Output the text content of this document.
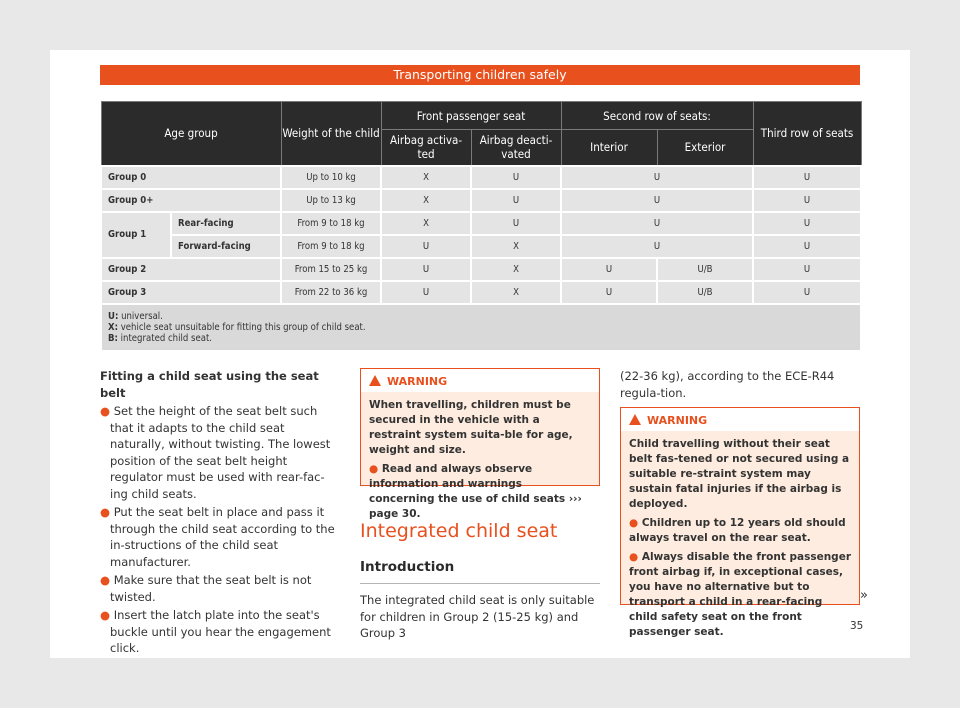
Transporting children safely
Age group		Weight of the child	Front passenger seat		Second row of seats:		Third row of seats
			Airbag activa-ted	Airbag deacti-vated	Interior	Exterior	
Group 0		Up to 10 kg	X	U	U		U
Group 0+		Up to 13 kg	X	U	U		U
Group 1	Rear-facing	From 9 to 18 kg	X	U	U		U
	Forward-facing	From 9 to 18 kg	U	X	U		U
Group 2		From 15 to 25 kg	U	X	U	U/B	U
Group 3		From 22 to 36 kg	U	X	U	U/B	U
U: universal.
X: vehicle seat unsuitable for fitting this group of child seat.
B: integrated child seat.							
Fitting a child seat using the seat belt

● Set the height of the seat belt such that it adapts to the child seat naturally, without twisting. The lowest position of the seat belt height regulator must be used with rear-fac-ing child seats.

● Put the seat belt in place and pass it through the child seat according to the in-structions of the child seat manufacturer.

● Make sure that the seat belt is not twisted.

● Insert the latch plate into the seat's buckle until you hear the engagement click.

WARNING

When travelling, children must be secured in the vehicle with a restraint system suita-ble for age, weight and size.

● Read and always observe information and warnings concerning the use of child seats ››› page 30.

Integrated child seat
Introduction
The integrated child seat is only suitable for children in Group 2 (15-25 kg) and Group 3
(22-36 kg), according to the ECE-R44 regula-tion.
WARNING

Child travelling without their seat belt fas-tened or not secured using a suitable re-straint system may sustain fatal injuries if the airbag is deployed.

● Children up to 12 years old should always travel on the rear seat.

● Always disable the front passenger front airbag if, in exceptional cases, you have no alternative but to transport a child in a rear-facing child safety seat on the front passenger seat.

»
35
